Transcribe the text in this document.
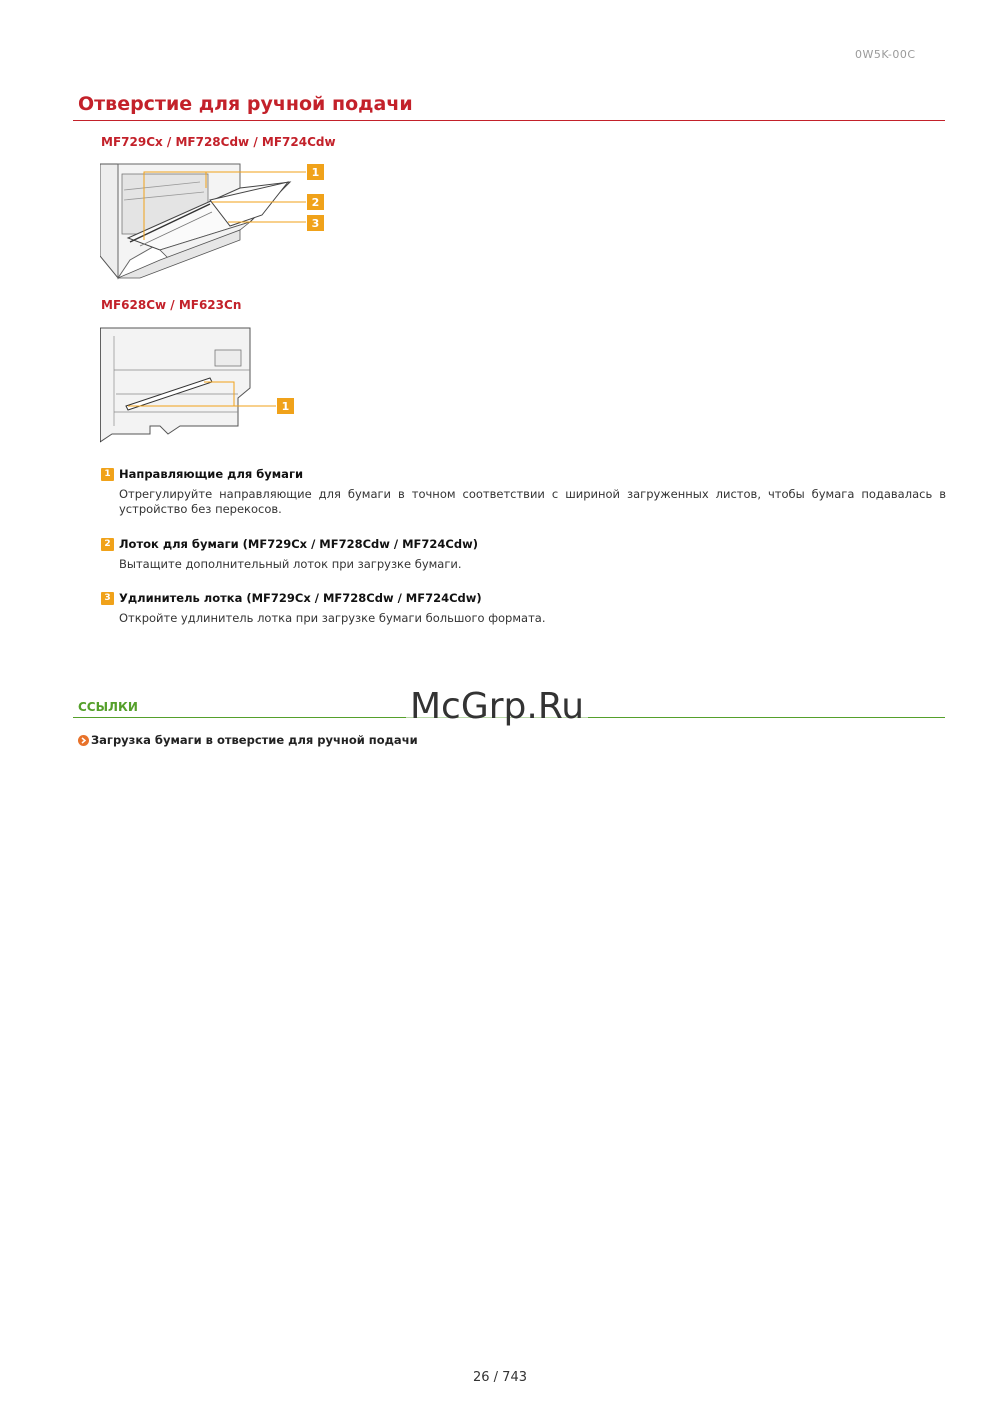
0W5K-00C
Отверстие для ручной подачи
MF729Cx / MF728Cdw / MF724Cdw
1
2
3
MF628Cw / MF623Cn
1
1 Направляющие для бумаги

Отрегулируйте направляющие для бумаги в точном соответствии с шириной загруженных листов, чтобы бумага подавалась в устройство без перекосов.

2 Лоток для бумаги (MF729Cx / MF728Cdw / MF724Cdw)

Вытащите дополнительный лоток при загрузке бумаги.

3 Удлинитель лотка (MF729Cx / MF728Cdw / MF724Cdw)

Откройте удлинитель лотка при загрузке бумаги большого формата.

ССЫЛКИ	McGrp.Ru
Загрузка бумаги в отверстие для ручной подачи
26 / 743
